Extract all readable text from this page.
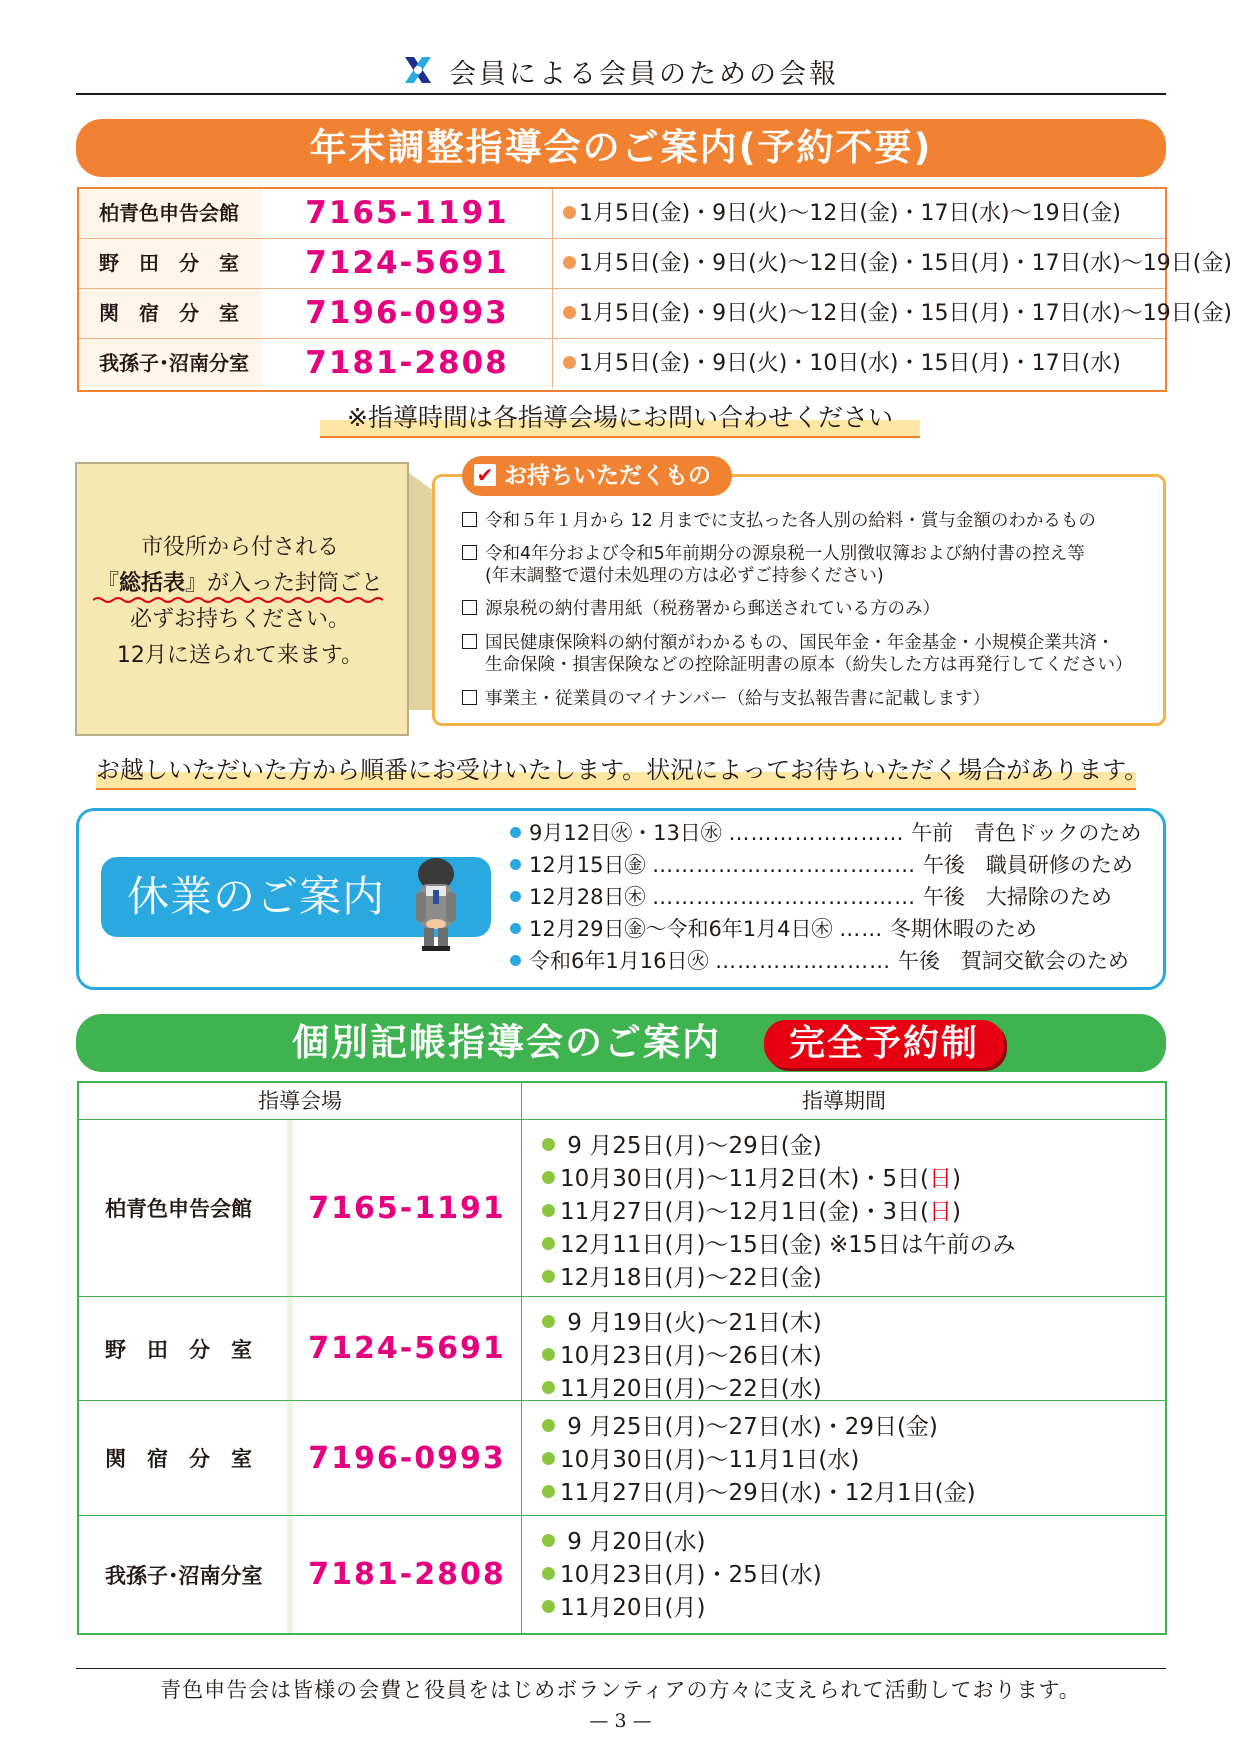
会員による会員のための会報
年末調整指導会のご案内(予約不要)
柏青色申告会館	7165-1191	1月5日(金)・9日(火)〜12日(金)・17日(水)〜19日(金)
野　田　分　室	7124-5691	1月5日(金)・9日(火)〜12日(金)・15日(月)・17日(水)〜19日(金)
関　宿　分　室	7196-0993	1月5日(金)・9日(火)〜12日(金)・15日(月)・17日(水)〜19日(金)
我孫子･沼南分室	7181-2808	1月5日(金)・9日(火)・10日(水)・15日(月)・17日(水)
※指導時間は各指導会場にお問い合わせください
市役所から付される
『総括表』が入った封筒ごと
必ずお持ちください。
12月に送られて来ます。
✔ お持ちいただくもの
令和５年１月から 12 月までに支払った各人別の給料・賞与金額のわかるもの
令和4年分および令和5年前期分の源泉税一人別徴収簿および納付書の控え等
(年末調整で還付未処理の方は必ずご持参ください)
源泉税の納付書用紙（税務署から郵送されている方のみ）
国民健康保険料の納付額がわかるもの、国民年金・年金基金・小規模企業共済・
生命保険・損害保険などの控除証明書の原本（紛失した方は再発行してください）
事業主・従業員のマイナンバー（給与支払報告書に記載します）
お越しいただいた方から順番にお受けいたします。状況によってお待ちいただく場合があります。
休業のご案内
9月12日㊋・13日㊌ …………………… 午前　青色ドックのため
12月15日㊎ ……………………………… 午後　職員研修のため
12月28日㊍ ……………………………… 午後　大掃除のため
12月29日㊎〜令和6年1月4日㊍ …… 冬期休暇のため
令和6年1月16日㊋ …………………… 午後　賀詞交歓会のため
個別記帳指導会のご案内	完全予約制
指導会場	指導期間
柏青色申告会館	7165-1191
9 月25日(月)〜29日(金)
10月30日(月)〜11月2日(木)・5日(日)
11月27日(月)〜12月1日(金)・3日(日)
12月11日(月)〜15日(金) ※15日は午前のみ
12月18日(月)〜22日(金)
野　田　分　室	7124-5691
9 月19日(火)〜21日(木)
10月23日(月)〜26日(木)
11月20日(月)〜22日(水)
関　宿　分　室	7196-0993
9 月25日(月)〜27日(水)・29日(金)
10月30日(月)〜11月1日(水)
11月27日(月)〜29日(水)・12月1日(金)
我孫子･沼南分室	7181-2808
9 月20日(水)
10月23日(月)・25日(水)
11月20日(月)
青色申告会は皆様の会費と役員をはじめボランティアの方々に支えられて活動しております。
— 3 —
